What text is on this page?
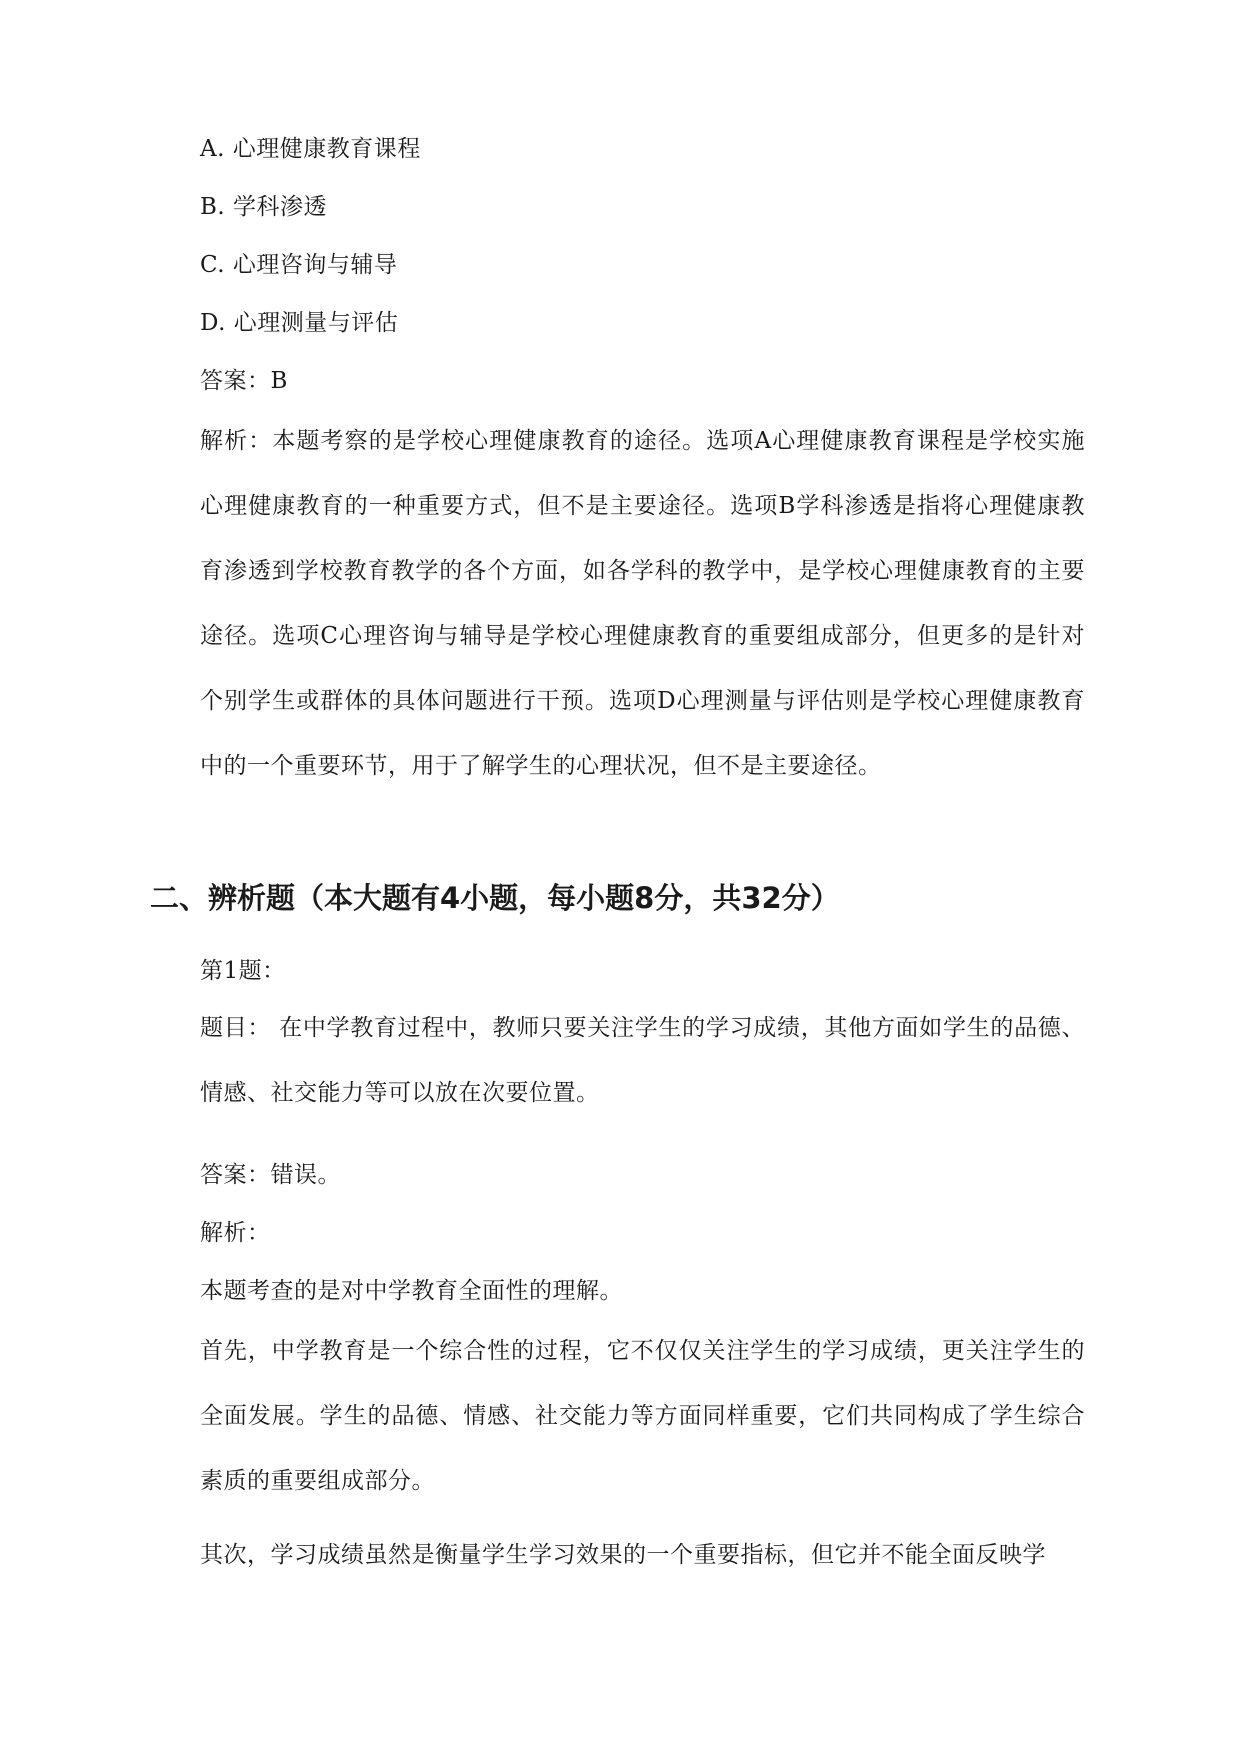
A. 心理健康教育课程
B. 学科渗透
C. 心理咨询与辅导
D. 心理测量与评估
答案：B
解析：本题考察的是学校心理健康教育的途径。选项A心理健康教育课程是学校实施心理健康教育的一种重要方式，但不是主要途径。选项B学科渗透是指将心理健康教育渗透到学校教育教学的各个方面，如各学科的教学中，是学校心理健康教育的主要途径。选项C心理咨询与辅导是学校心理健康教育的重要组成部分，但更多的是针对个别学生或群体的具体问题进行干预。选项D心理测量与评估则是学校心理健康教育中的一个重要环节，用于了解学生的心理状况，但不是主要途径。
二、辨析题（本大题有4小题，每小题8分，共32分）
第1题：
题目： 在中学教育过程中，教师只要关注学生的学习成绩，其他方面如学生的品德、情感、社交能力等可以放在次要位置。
答案：错误。
解析：
本题考查的是对中学教育全面性的理解。
首先，中学教育是一个综合性的过程，它不仅仅关注学生的学习成绩，更关注学生的全面发展。学生的品德、情感、社交能力等方面同样重要，它们共同构成了学生综合素质的重要组成部分。
其次，学习成绩虽然是衡量学生学习效果的一个重要指标，但它并不能全面反映学
